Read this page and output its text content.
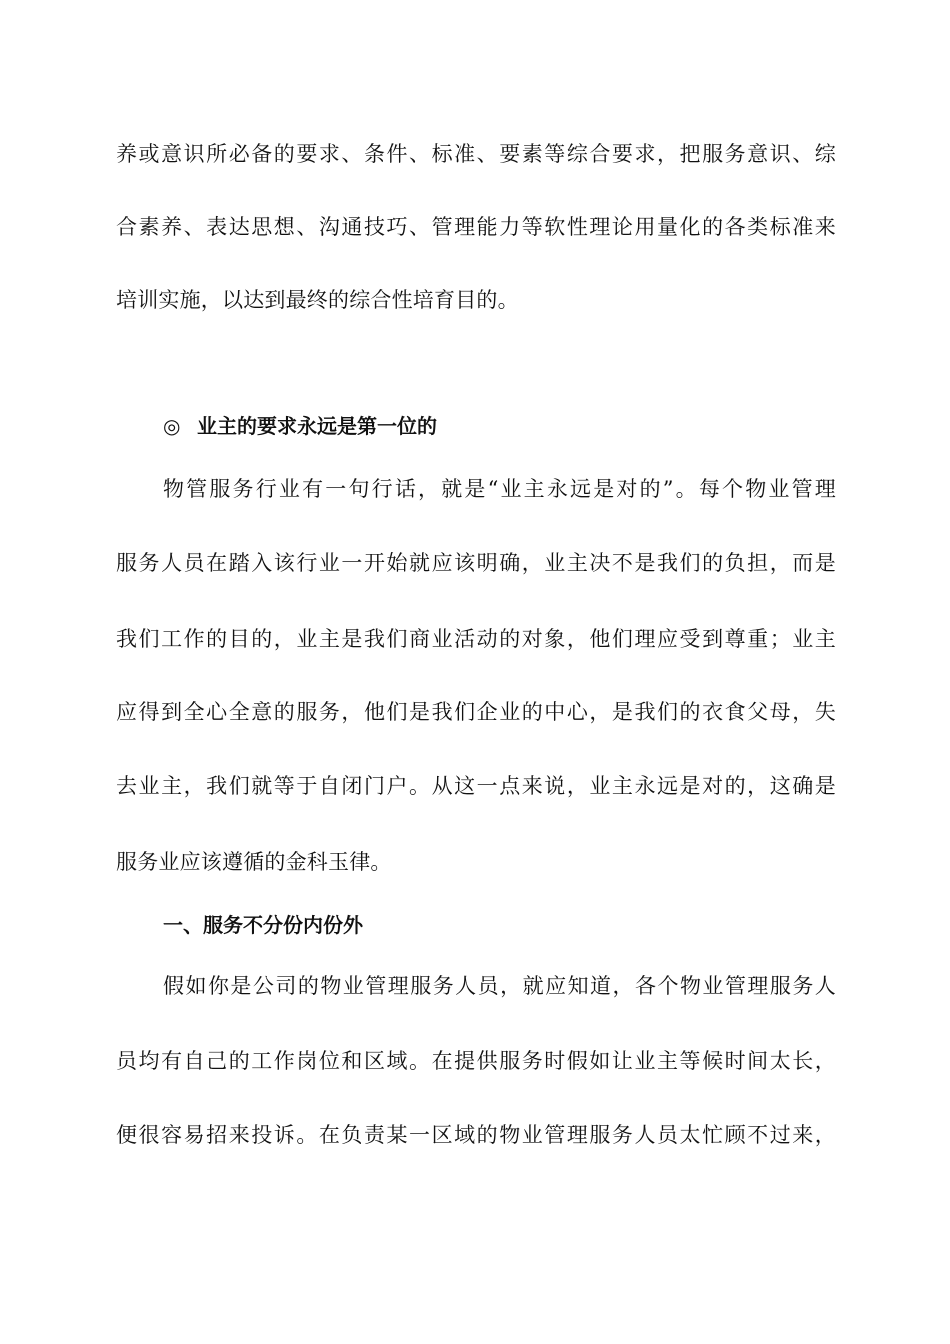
养或意识所必备的要求、条件、标准、要素等综合要求，把服务意识、综
合素养、表达思想、沟通技巧、管理能力等软性理论用量化的各类标准来
培训实施，以达到最终的综合性培育目的。
◎ 业主的要求永远是第一位的
物管服务行业有一句行话，就是“业主永远是对的”。每个物业管理
服务人员在踏入该行业一开始就应该明确，业主决不是我们的负担，而是
我们工作的目的，业主是我们商业活动的对象，他们理应受到尊重；业主
应得到全心全意的服务，他们是我们企业的中心，是我们的衣食父母，失
去业主，我们就等于自闭门户。从这一点来说，业主永远是对的，这确是
服务业应该遵循的金科玉律。
一、服务不分份内份外
假如你是公司的物业管理服务人员，就应知道，各个物业管理服务人
员均有自己的工作岗位和区域。在提供服务时假如让业主等候时间太长，
便很容易招来投诉。在负责某一区域的物业管理服务人员太忙顾不过来，
